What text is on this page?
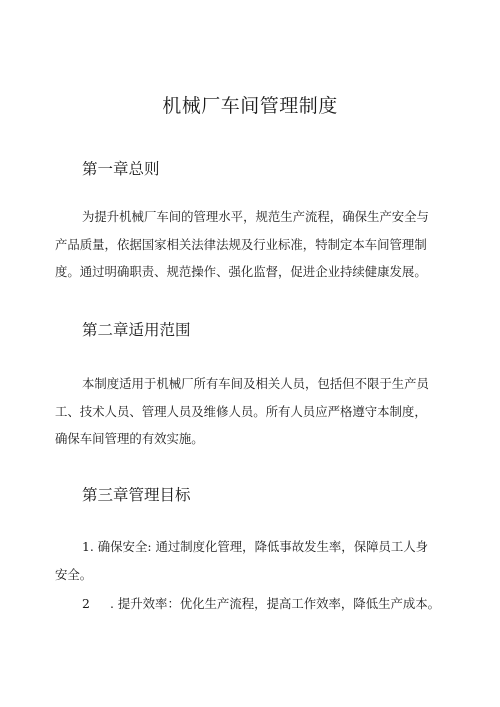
机械厂车间管理制度
第一章总则

为提升机械厂车间的管理水平，规范生产流程，确保生产安全与
产品质量，依据国家相关法律法规及行业标准，特制定本车间管理制
度。通过明确职责、规范操作、强化监督，促进企业持续健康发展。

第二章适用范围

本制度适用于机械厂所有车间及相关人员，包括但不限于生产员
工、技术人员、管理人员及维修人员。所有人员应严格遵守本制度，
确保车间管理的有效实施。

第三章管理目标

1. 确保安全: 通过制度化管理，降低事故发生率，保障员工人身
安全。

2 . 提升效率：优化生产流程，提高工作效率，降低生产成本。
